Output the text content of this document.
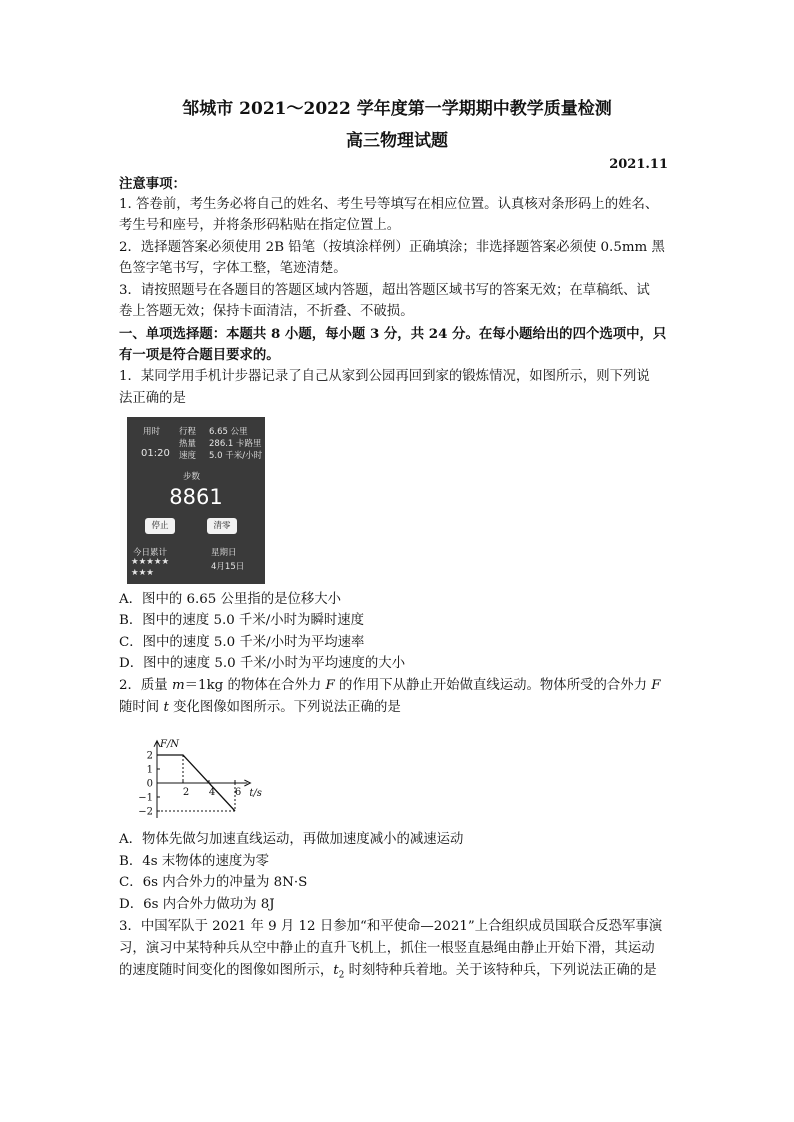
邹城市 2021～2022 学年度第一学期期中教学质量检测
高三物理试题
2021.11
注意事项：
1. 答卷前，考生务必将自己的姓名、考生号等填写在相应位置。认真核对条形码上的姓名、
考生号和座号，并将条形码粘贴在指定位置上。
2．选择题答案必须使用 2B 铅笔（按填涂样例）正确填涂；非选择题答案必须使 0.5mm 黑
色签字笔书写，字体工整，笔迹清楚。
3．请按照题号在各题目的答题区域内答题，超出答题区域书写的答案无效；在草稿纸、试
卷上答题无效；保持卡面清洁，不折叠、不破损。
一、单项选择题：本题共 8 小题，每小题 3 分，共 24 分。在每小题给出的四个选项中，只
有一项是符合题目要求的。
1．某同学用手机计步器记录了自己从家到公园再回到家的锻炼情况，如图所示，则下列说
法正确的是
用时
01:20
行程 6.65 公里
热量 286.1 卡路里
速度 5.0 千米/小时
步数
8861
停止	清零
今日累计
★★★★★
★★★
星期日
4月15日
A．图中的 6.65 公里指的是位移大小
B．图中的速度 5.0 千米/小时为瞬时速度
C．图中的速度 5.0 千米/小时为平均速率
D．图中的速度 5.0 千米/小时为平均速度的大小
2．质量 m＝1kg 的物体在合外力 F 的作用下从静止开始做直线运动。物体所受的合外力 F
随时间 t 变化图像如图所示。下列说法正确的是
F/N
t/s
2
1
0
−1
−2
2 4 6
A．物体先做匀加速直线运动，再做加速度减小的减速运动
B．4s 末物体的速度为零
C．6s 内合外力的冲量为 8N·S
D．6s 内合外力做功为 8J
3．中国军队于 2021 年 9 月 12 日参加“和平使命—2021”上合组织成员国联合反恐军事演
习，演习中某特种兵从空中静止的直升飞机上，抓住一根竖直悬绳由静止开始下滑，其运动
的速度随时间变化的图像如图所示，$t_2$ 时刻特种兵着地。关于该特种兵，下列说法正确的是
